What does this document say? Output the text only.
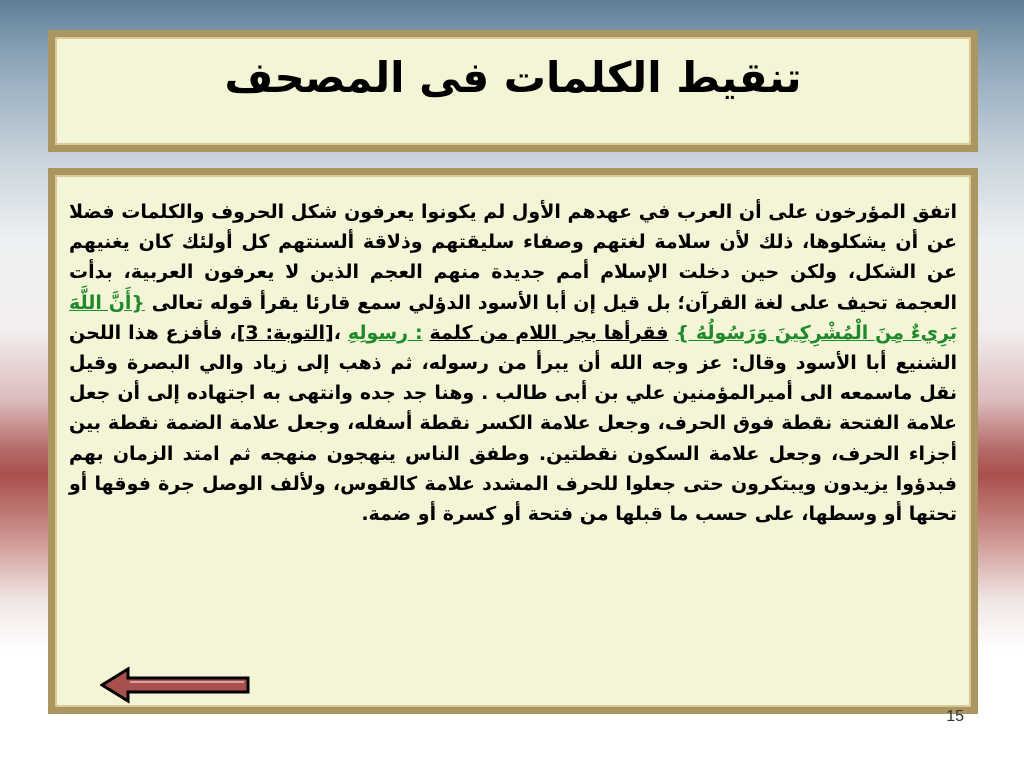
تنقيط الكلمات فى المصحف
اتفق المؤرخون على أن العرب في عهدهم الأول لم يكونوا يعرفون شكل الحروف والكلمات فضلا عن أن يشكلوها، ذلك لأن سلامة لغتهم وصفاء سليقتهم وذلاقة ألسنتهم كل أولئك كان يغنيهم عن الشكل، ولكن حين دخلت الإسلام أمم جديدة منهم العجم الذين لا يعرفون العربية، بدأت العجمة تحيف على لغة القرآن؛ بل قيل إن أبا الأسود الدؤلي سمع قارئا يقرأ قوله تعالى {أَنَّ اللَّهَ بَرِيءٌ مِنَ الْمُشْرِكِينَ وَرَسُولُهُ } فقرأها بجر اللام من كلمة : رسولِهِ ،[التوبة: 3]، فأفزع هذا اللحن الشنيع أبا الأسود وقال: عز وجه الله أن يبرأ من رسوله، ثم ذهب إلى زياد والي البصرة وقيل نقل ماسمعه الى أميرالمؤمنين علي بن أبى طالب . وهنا جد جده وانتهى به اجتهاده إلى أن جعل علامة الفتحة نقطة فوق الحرف، وجعل علامة الكسر نقطة أسفله، وجعل علامة الضمة نقطة بين أجزاء الحرف، وجعل علامة السكون نقطتين. وطفق الناس ينهجون منهجه ثم امتد الزمان بهم فبدؤوا يزيدون ويبتكرون حتى جعلوا للحرف المشدد علامة كالقوس، ولألف الوصل جرة فوقها أو تحتها أو وسطها، على حسب ما قبلها من فتحة أو كسرة أو ضمة.
15
